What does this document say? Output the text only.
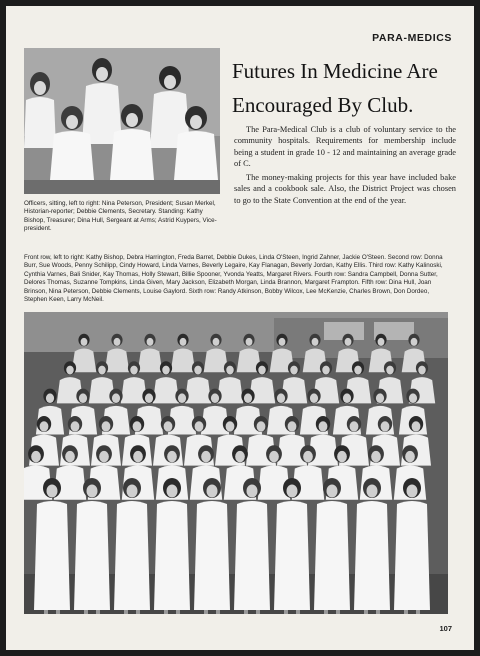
PARA-MEDICS
Futures In Medicine Are Encouraged By Club.

The Para-Medical Club is a club of voluntary service to the community hospitals. Requirements for membership include being a student in grade 10 - 12 and maintaining an average grade of C.

The money-making projects for this year have included bake sales and a cookbook sale. Also, the District Project was chosen to go to the State Convention at the end of the year.

Officers, sitting, left to right: Nina Peterson, President; Susan Merkel, Historian-reporter; Debbie Clements, Secretary. Standing: Kathy Bishop, Treasurer; Dina Hull, Sergeant at Arms; Astrid Kuypers, Vice-president.

Front row, left to right: Kathy Bishop, Debra Harrington, Freda Barret, Debbie Dukes, Linda O'Steen, Ingrid Zahner, Jackie O'Steen. Second row: Donna Burr, Sue Woods, Penny Schilipp, Cindy Howard, Linda Varnes, Beverly Legaire, Kay Flanagan, Beverly Jordan, Kathy Ellis. Third row: Kathy Kalinoski, Cynthia Varnes, Bali Snider, Kay Thomas, Holly Stewart, Billie Spooner, Yvonda Yeatts, Margaret Rivers. Fourth row: Sandra Campbell, Donna Sutter, Delores Thomas, Suzanne Tompkins, Linda Given, Mary Jackson, Elizabeth Morgan, Linda Brannon, Margaret Frampton. Fifth row: Dina Hull, Joan Brinson, Nina Peterson, Debbie Clements, Louise Gaylord. Sixth row: Randy Atkinson, Bobby Wilcox, Lee McKenzie, Charles Brown, Don Dordeo, Stephen Keen, Larry McNeil.

107
